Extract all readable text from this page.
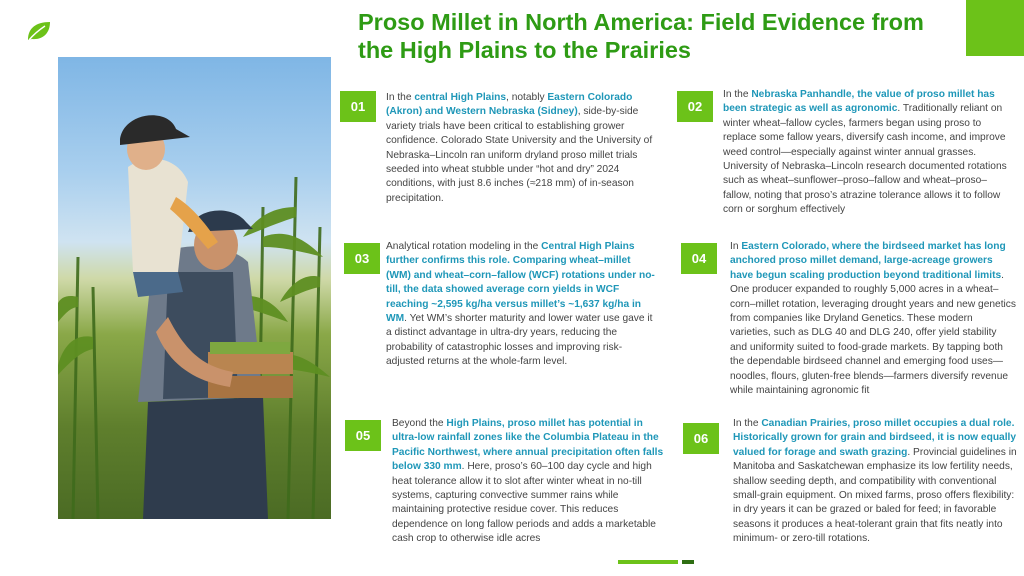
Proso Millet in North America: Field Evidence from the High Plains to the Prairies
01

In the central High Plains, notably Eastern Colorado (Akron) and Western Nebraska (Sidney), side-by-side variety trials have been critical to establishing grower confidence. Colorado State University and the University of Nebraska–Lincoln ran uniform dryland proso millet trials seeded into wheat stubble under “hot and dry” 2024 conditions, with just 8.6 inches (≈218 mm) of in-season precipitation.

02

In the Nebraska Panhandle, the value of proso millet has been strategic as well as agronomic. Traditionally reliant on winter wheat–fallow cycles, farmers began using proso to replace some fallow years, diversify cash income, and improve weed control—especially against winter annual grasses. University of Nebraska–Lincoln research documented rotations such as wheat–sunflower–proso–fallow and wheat–proso–fallow, noting that proso’s atrazine tolerance allows it to follow corn or sorghum effectively

03

Analytical rotation modeling in the Central High Plains further confirms this role. Comparing wheat–millet (WM) and wheat–corn–fallow (WCF) rotations under no-till, the data showed average corn yields in WCF reaching ~2,595 kg/ha versus millet’s ~1,637 kg/ha in WM. Yet WM’s shorter maturity and lower water use gave it a distinct advantage in ultra-dry years, reducing the probability of catastrophic losses and improving risk-adjusted returns at the whole-farm level.

04

In Eastern Colorado, where the birdseed market has long anchored proso millet demand, large-acreage growers have begun scaling production beyond traditional limits. One producer expanded to roughly 5,000 acres in a wheat–corn–millet rotation, leveraging drought years and new genetics from companies like Dryland Genetics. These modern varieties, such as DLG 40 and DLG 240, offer yield stability and uniformity suited to food-grade markets. By tapping both the dependable birdseed channel and emerging food uses—noodles, flours, gluten-free blends—farmers diversify revenue while maintaining agronomic fit

05

Beyond the High Plains, proso millet has potential in ultra-low rainfall zones like the Columbia Plateau in the Pacific Northwest, where annual precipitation often falls below 330 mm. Here, proso’s 60–100 day cycle and high heat tolerance allow it to slot after winter wheat in no-till systems, capturing convective summer rains while maintaining protective residue cover. This reduces dependence on long fallow periods and adds a marketable cash crop to otherwise idle acres

06

In the Canadian Prairies, proso millet occupies a dual role. Historically grown for grain and birdseed, it is now equally valued for forage and swath grazing. Provincial guidelines in Manitoba and Saskatchewan emphasize its low fertility needs, shallow seeding depth, and compatibility with conventional small-grain equipment. On mixed farms, proso offers flexibility: in dry years it can be grazed or baled for feed; in favorable seasons it produces a heat-tolerant grain that fits neatly into minimum- or zero-till rotations.
